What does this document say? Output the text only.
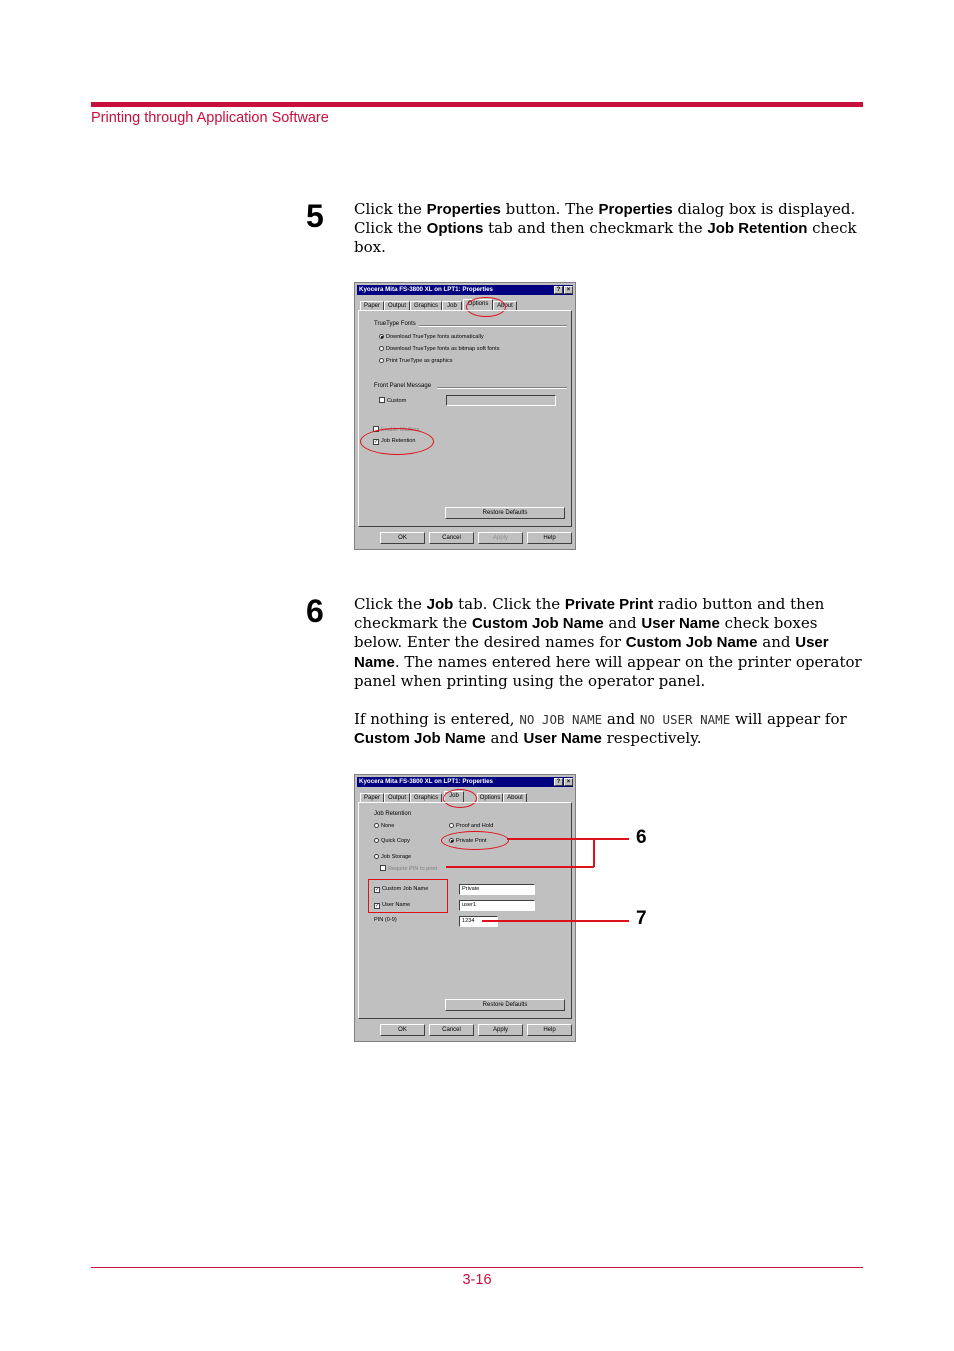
Printing through Application Software
5 Click the Properties button. The Properties dialog box is displayed. Click the Options tab and then checkmark the Job Retention check box.
Kyocera Mita FS-3800 XL on LPT1: Properties	?	×
Paper	Output	Graphics	Job	Options	About
TrueType Fonts
Download TrueType fonts automatically
Download TrueType fonts as bitmap soft fonts
Print TrueType as graphics
Front Panel Message
Custom
Enable Mailbox
✓ Job Retention
Restore Defaults
OK	Cancel	Apply	Help
6 Click the Job tab. Click the Private Print radio button and then checkmark the Custom Job Name and User Name check boxes below. Enter the desired names for Custom Job Name and User Name. The names entered here will appear on the printer operator panel when printing using the operator panel.
If nothing is entered, NO JOB NAME and NO USER NAME will appear for Custom Job Name and User Name respectively.
Kyocera Mita FS-3800 XL on LPT1: Properties	?	×
Paper	Output	Graphics	Job	Options	About
Job Retention
None	Proof and Hold
Quick Copy	Private Print
Job Storage
Require PIN to print
✓ Custom Job Name	Private
✓ User Name	user1
PIN (0-9)	1234
Restore Defaults
OK	Cancel	Apply	Help
6
7
3-16
